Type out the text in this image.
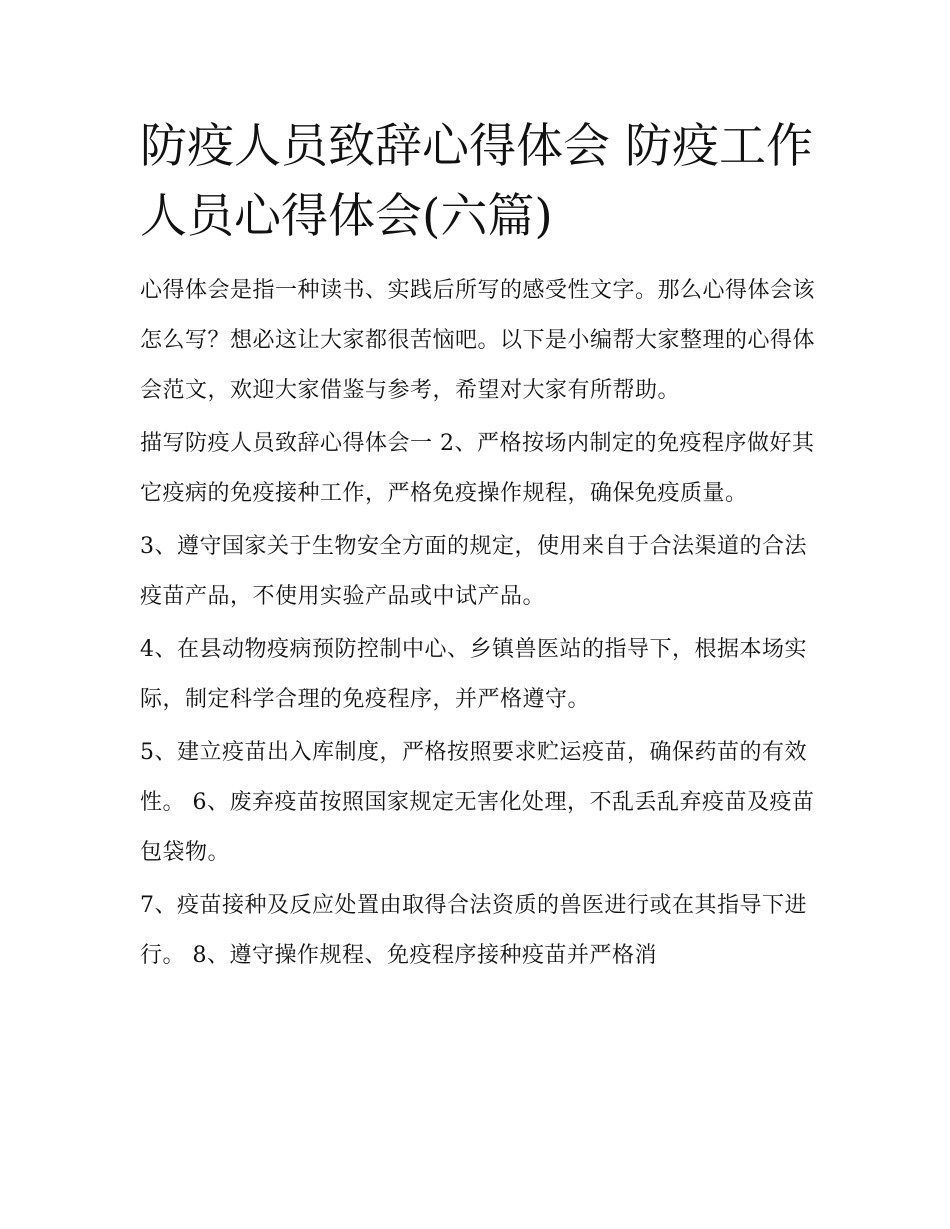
防疫人员致辞心得体会 防疫工作人员心得体会(六篇)

心得体会是指一种读书、实践后所写的感受性文字。那么心得体会该怎么写？想必这让大家都很苦恼吧。以下是小编帮大家整理的心得体会范文，欢迎大家借鉴与参考，希望对大家有所帮助。

描写防疫人员致辞心得体会一 2、严格按场内制定的免疫程序做好其它疫病的免疫接种工作，严格免疫操作规程，确保免疫质量。

3、遵守国家关于生物安全方面的规定，使用来自于合法渠道的合法疫苗产品，不使用实验产品或中试产品。

4、在县动物疫病预防控制中心、乡镇兽医站的指导下，根据本场实际，制定科学合理的免疫程序，并严格遵守。

5、建立疫苗出入库制度，严格按照要求贮运疫苗，确保药苗的有效性。 6、废弃疫苗按照国家规定无害化处理，不乱丢乱弃疫苗及疫苗包袋物。

7、疫苗接种及反应处置由取得合法资质的兽医进行或在其指导下进行。 8、遵守操作规程、免疫程序接种疫苗并严格消
